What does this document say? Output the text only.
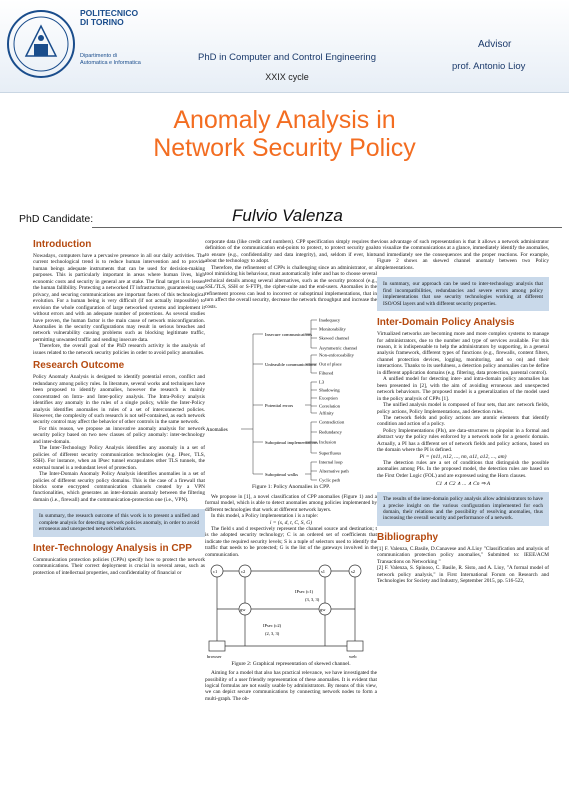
POLITECNICO DI TORINO
Dipartimento di Automatica e Informatica	PhD in Computer and Control Engineering
XXIX cycle
Advisor
prof. Antonio Lioy
Anomaly Analysis in
Network Security Policy
PhD Candidate:	Fulvio Valenza
Introduction

Nowadays, computers have a pervasive presence in all our daily activities. The current technological trend is to reduce human intervention and to provide human beings adequate instruments that can be used for decision-making purposes. This is particularly important in areas where human lives, high economic costs and security in general are at stake. The final target is to lessen the human fallibility. Protecting a networked IT infrastructure, guaranteeing user privacy, and securing communications are important facets of this technological evolution. For a human being is very difficult (if not actually impossible) to envision the whole configuration of large networked systems and implement it without errors and with an adequate number of protections. As several studies have proven, the human factor is the main cause of network misconfiguration. Anomalies in the security configurations may result in serious breaches and network vulnerability causing problems such as blocking legitimate traffic, permitting unwanted traffic and sending insecure data.

Therefore, the overall goal of the PhD research activity is the analysis of issues related to the network security policies in order to avoid policy anomalies.

Research Outcome

Policy Anomaly Analysis is designed to identify potential errors, conflict and redundancy among policy rules. In literature, several works and techniques have been proposed to identify anomalies, however the research is mainly concentrated on Intra- and Inter-policy analysis. The Intra-Policy analysis identifies any anomaly in the rules of a single policy, while the Inter-Policy analysis identifies anomalies in rules of a set of interconnected policies. However, the complexity of such research is not self-contained, as each network security control may affect the behavior of other controls in the same network.

For this reason, we propose an innovative anomaly analysis for network security policy based on two new classes of policy anomaly: inter-technology and inter-domain.

The Inter-Technology Policy Analysis identifies any anomaly in a set of policies of different security communication technologies (e.g. IPsec, TLS, SSH). For instance, when an IPsec tunnel encapsulates other TLS tunnels, the external tunnel is a redundant level of protection.

The Inter-Domain Anomaly Policy Analysis identifies anomalies in a set of policies of different security policy domains. This is the case of a firewall that blocks some encrypted communication channels created by a VPN functionalities, which generates an inter-domain anomaly between the filtering domain (i.e., firewall) and the communication-protection one (i.e., VPN).

In summary, the research outcome of this work is to present a unified and complete analysis for detecting network policies anomaly, in order to avoid erroneous and unexpected network behaviors.
Inter-Technology Analysis in CPP

Communication protection policies (CPPs) specify how to protect the network communications. Their correct deployment is crucial in several areas, such as protection of intellectual properties, and confidentiality of financial or

corporate data (like credit card numbers). CPP specification simply requires the definition of the communication end-points to protect, to protect security goals to ensure (e.g., confidentiality and data integrity), and, seldom if ever, hints about the technology to adopt.

Therefore, the refinement of CPPs is challenging since an administrator, or a tool mimicking his behaviour, must automatically infer and has to choose several technical details among several alternatives, such as the security protocol (e.g., SSL/TLS, SSH or S-FTP), the cipher-suite and the end-users. Anomalies in the refinement process can lead to incorrect or suboptimal implementations, that in turn affect the overall security, decrease the network throughput and increase the costs.

Anomalies
Insecure communications
Unfeasible communications
Potential errors
Suboptimal implementations
Suboptimal walks
Inadequacy
Monitorability
Skewed channel
Asymmetric channel
Non-enforceability
Out of place
Filtered
L3
Shadowing
Exception
Correlation
Affinity
Contradiction
Redundancy
Inclusion
Superfluous
Internal loop
Alternative path
Cyclic path
Figure 1: Policy Anomalies in CPP.

We propose in [1], a novel classification of CPP anomalies (Figure 1) and a formal model, which is able to detect anomalies among policies implemented by different technologies that work at different network layers.

In this model, a Policy implementation i is a tuple:

i = (s, d, t, C, S, G)

The field s and d respectively represent the channel source and destination; t is the adopted security technology; C is an ordered set of coefficients that indicate the required security levels; S is a tuple of selectors used to identify the traffic that needs to be protected; G is the list of the gateways involved in the communication.

c1	c2	s1	s2
gw	gw
IPsec (c1)
IPsec (c2)
(3, 3, 3)
(2, 3, 3)
browser	web
Figure 2: Graphical representation of skewed channel.

Aiming for a model that also has practical relevance, we have investigated the possibility of a user friendly representation of these anomalies. It is evident that logical formulas are not easily usable by administrators. By means of this view, we can depict secure communications by connecting network nodes to form a multi-graph. The ob-

vious advantage of such representation is that it allows a network administrator to visualize the communications at a glance, immediately identify the anomalies, and immediately see the consequences and the proper reactions. For example, Figure 2 shows an skewed channel anomaly between two Policy Implementations.

In summary, our approach can be used to inter-technology analysis that find incompatibilities, redundancies and severe errors among policy implementations that use security technologies working at different ISO/OSI layers and with different security properties.
Inter-Domain Policy Analysis

Virtualized networks are becoming more and more complex systems to manage for administrators, due to the number and type of services available. For this reason, it is indispensable to help the administrators by supporting, in a general analysis framework, different types of functions (e.g., firewalls, content filters, channel protection devices, logging, monitoring, and so on) and their interactions. Thanks to its usefulness, a detection policy anomalies can be define in different application domains (e.g. filtering, data protection, parental control).

A unified model for detecting inter- and intra-domain policy anomalies has been presented in [2], with the aim of avoiding erroneous and unexpected network behaviours. The proposed model is a generalization of the model used in the policy analysis of CPPs [1].

The unified analysis model is composed of four sets, that are: network fields, policy actions, Policy Implementations, and detection rules.

The network fields and policy actions are atomic elements that identify condition and action of a policy.

Policy Implementations (PIs), are data-structures to pinpoint in a formal and abstract way the policy rules enforced by a network node for a generic domain. Actually, a PI has a different set of network fields and policy actions, based on the domain where the PI is defined.

Pi = (n11, n12, ..., nn, a11, a12, ..., am)

The detection rules are a set of conditions that distinguish the possible anomalies among PIs. In the proposed model, the detection rules are based on the First Order Logic (FOL) and are expressed using the Horn clauses.

C1 ∧ C2 ∧ ... ∧ Cn ⇒ A
The results of the inter-domain policy analysis allow administrators to have a precise insight on the various configuration implemented for each domain, their relations and the possibility of resolving anomalies, thus increasing the overall security and performance of a network.
Bibliography

[1] F. Valenza, C.Basile, D.Canavese and A.Lioy "Classification and analysis of communication protection policy anomalies," Submitted to: IEEE/ACM Transactions on Networking "

[2] F. Valenza, S. Spinoso, C. Basile, R. Sisto, and A. Lioy, "A formal model of network policy analysis," in First International Forum on Research and Technologies for Society and Industry, September 2015, pp. 516-522,
